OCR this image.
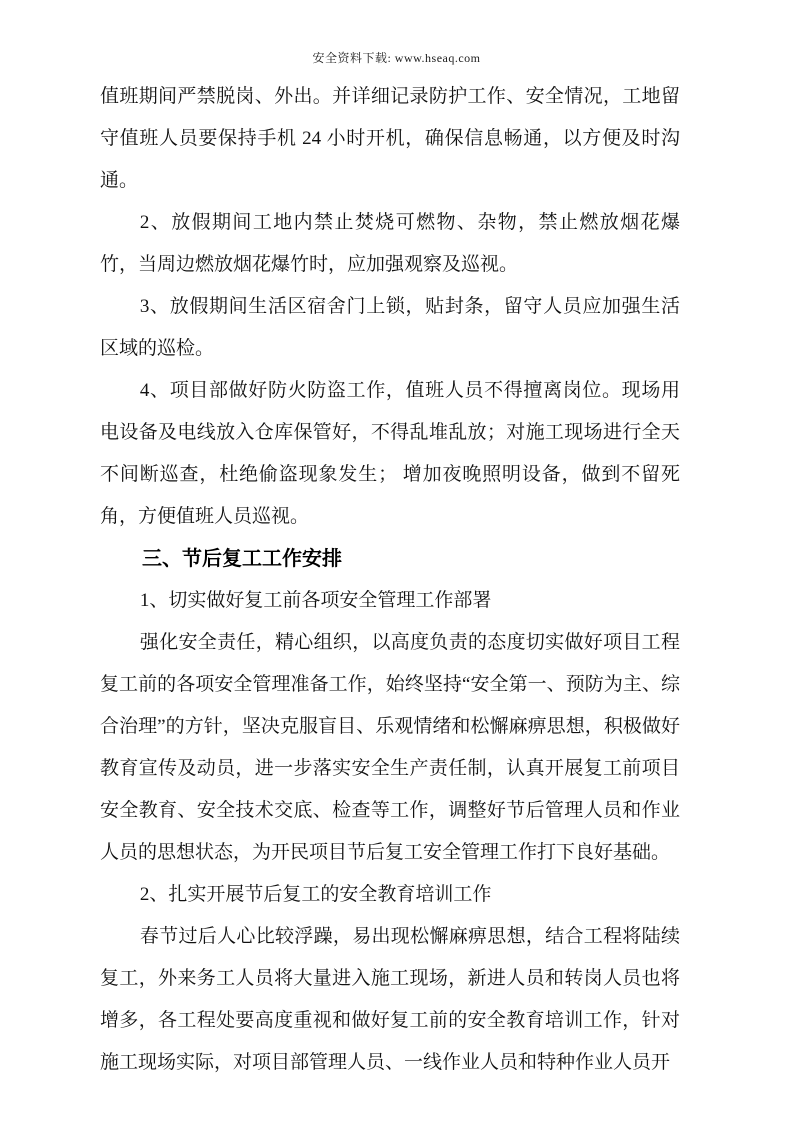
安全资料下载: www.hseaq.com

值班期间严禁脱岗、外出。并详细记录防护工作、安全情况，工地留守值班人员要保持手机 24 小时开机，确保信息畅通，以方便及时沟通。

2、放假期间工地内禁止焚烧可燃物、杂物，禁止燃放烟花爆竹，当周边燃放烟花爆竹时，应加强观察及巡视。

3、放假期间生活区宿舍门上锁，贴封条，留守人员应加强生活区域的巡检。

4、项目部做好防火防盗工作，值班人员不得擅离岗位。现场用电设备及电线放入仓库保管好，不得乱堆乱放；对施工现场进行全天不间断巡查，杜绝偷盗现象发生； 增加夜晚照明设备，做到不留死角，方便值班人员巡视。

三、节后复工工作安排

1、切实做好复工前各项安全管理工作部署

强化安全责任，精心组织，以高度负责的态度切实做好项目工程复工前的各项安全管理准备工作，始终坚持“安全第一、预防为主、综合治理”的方针，坚决克服盲目、乐观情绪和松懈麻痹思想，积极做好教育宣传及动员，进一步落实安全生产责任制，认真开展复工前项目安全教育、安全技术交底、检查等工作，调整好节后管理人员和作业人员的思想状态，为开民项目节后复工安全管理工作打下良好基础。

2、扎实开展节后复工的安全教育培训工作

春节过后人心比较浮躁，易出现松懈麻痹思想，结合工程将陆续复工，外来务工人员将大量进入施工现场，新进人员和转岗人员也将增多，各工程处要高度重视和做好复工前的安全教育培训工作，针对施工现场实际，对项目部管理人员、一线作业人员和特种作业人员开
